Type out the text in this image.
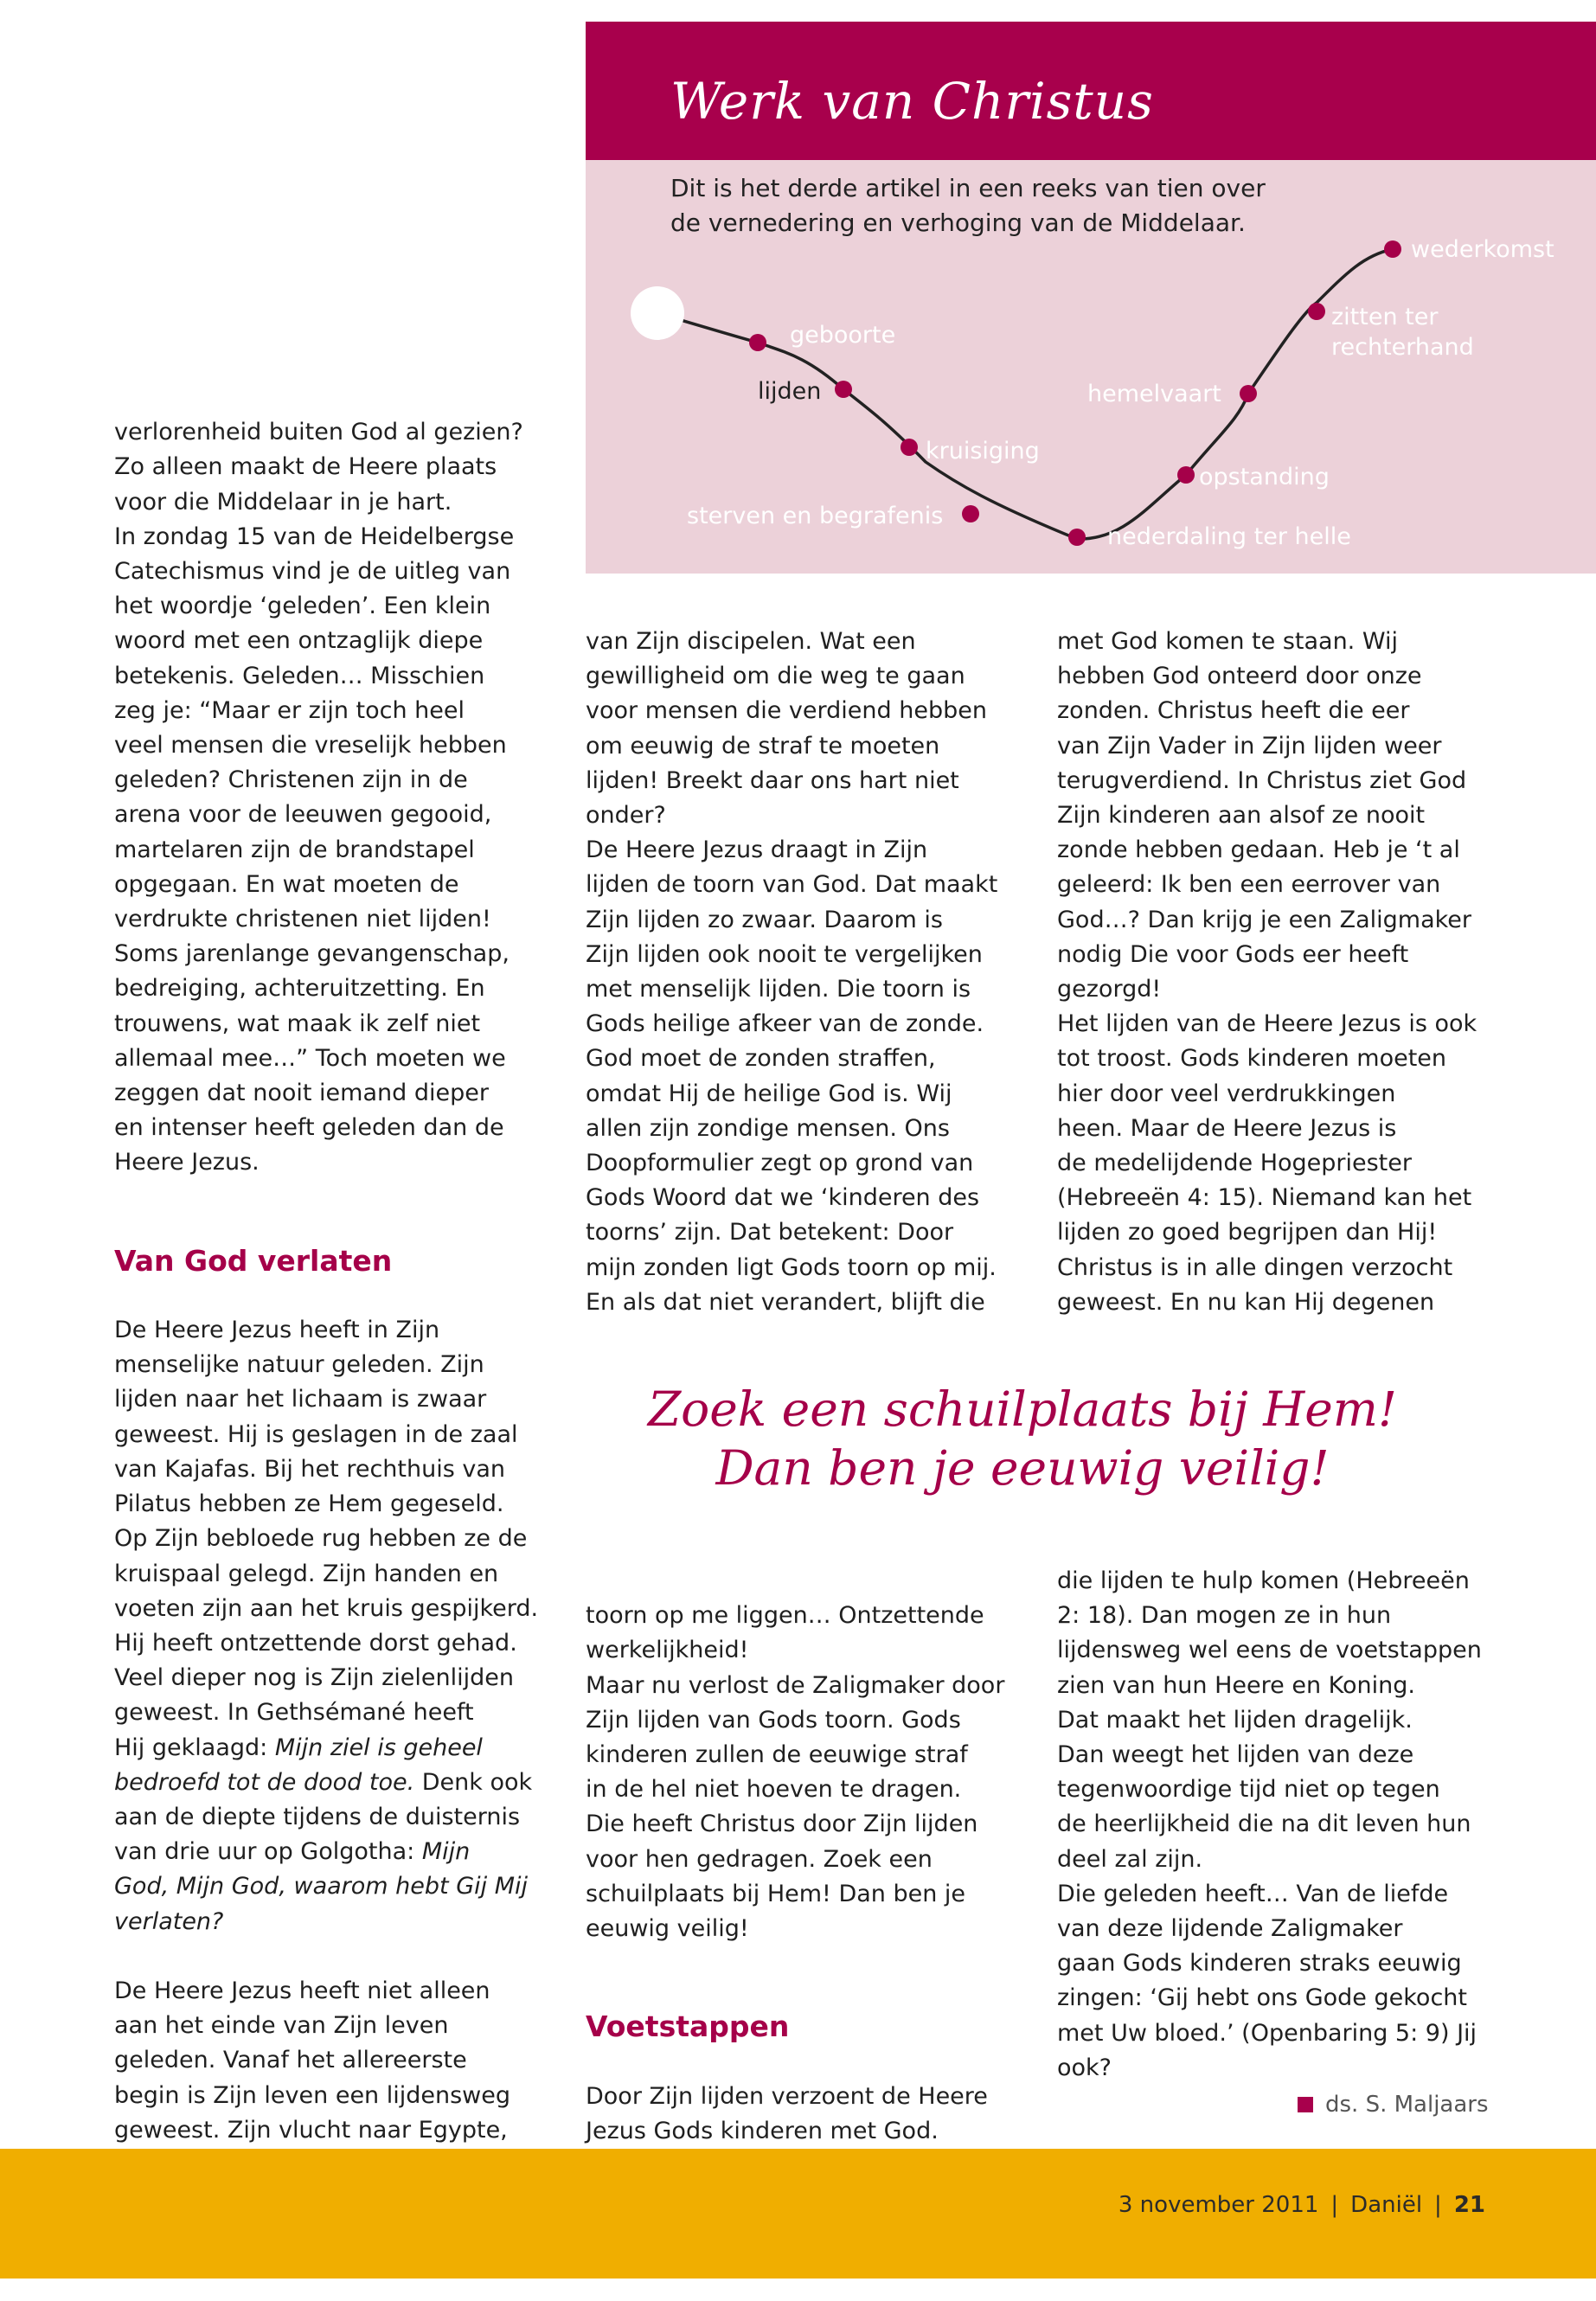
Werk van Christus
Dit is het derde artikel in een reeks van tien over
de vernedering en verhoging van de Middelaar.
geboorte
lijden
kruisiging
sterven en begrafenis
nederdaling ter helle
opstanding
hemelvaart
zitten ter
rechterhand
wederkomst

verlorenheid buiten God al gezien?
Zo alleen maakt de Heere plaats
voor die Middelaar in je hart.
In zondag 15 van de Heidelbergse
Catechismus vind je de uitleg van
het woordje ‘geleden’. Een klein
woord met een ontzaglijk diepe
betekenis. Geleden… Misschien
zeg je: “Maar er zijn toch heel
veel mensen die vreselijk hebben
geleden? Christenen zijn in de
arena voor de leeuwen gegooid,
martelaren zijn de brandstapel
opgegaan. En wat moeten de
verdrukte christenen niet lijden!
Soms jarenlange gevangenschap,
bedreiging, achteruitzetting. En
trouwens, wat maak ik zelf niet
allemaal mee…” Toch moeten we
zeggen dat nooit iemand dieper
en intenser heeft geleden dan de
Heere Jezus.

Van God verlaten

De Heere Jezus heeft in Zijn
menselijke natuur geleden. Zijn
lijden naar het lichaam is zwaar
geweest. Hij is geslagen in de zaal
van Kajafas. Bij het rechthuis van
Pilatus hebben ze Hem gegeseld.
Op Zijn bebloede rug hebben ze de
kruispaal gelegd. Zijn handen en
voeten zijn aan het kruis gespijkerd.
Hij heeft ontzettende dorst gehad.
Veel dieper nog is Zijn zielenlijden
geweest. In Gethsémané heeft
Hij geklaagd: Mijn ziel is geheel
bedroefd tot de dood toe. Denk ook
aan de diepte tijdens de duisternis
van drie uur op Golgotha: Mijn
God, Mijn God, waarom hebt Gij Mij
verlaten?

De Heere Jezus heeft niet alleen
aan het einde van Zijn leven
geleden. Vanaf het allereerste
begin is Zijn leven een lijdensweg
geweest. Zijn vlucht naar Egypte,

van Zijn discipelen. Wat een
gewilligheid om die weg te gaan
voor mensen die verdiend hebben
om eeuwig de straf te moeten
lijden! Breekt daar ons hart niet
onder?
De Heere Jezus draagt in Zijn
lijden de toorn van God. Dat maakt
Zijn lijden zo zwaar. Daarom is
Zijn lijden ook nooit te vergelijken
met menselijk lijden. Die toorn is
Gods heilige afkeer van de zonde.
God moet de zonden straffen,
omdat Hij de heilige God is. Wij
allen zijn zondige mensen. Ons
Doopformulier zegt op grond van
Gods Woord dat we ‘kinderen des
toorns’ zijn. Dat betekent: Door
mijn zonden ligt Gods toorn op mij.
En als dat niet verandert, blijft die
met God komen te staan. Wij
hebben God onteerd door onze
zonden. Christus heeft die eer
van Zijn Vader in Zijn lijden weer
terugverdiend. In Christus ziet God
Zijn kinderen aan alsof ze nooit
zonde hebben gedaan. Heb je ‘t al
geleerd: Ik ben een eerrover van
God…? Dan krijg je een Zaligmaker
nodig Die voor Gods eer heeft
gezorgd!
Het lijden van de Heere Jezus is ook
tot troost. Gods kinderen moeten
hier door veel verdrukkingen
heen. Maar de Heere Jezus is
de medelijdende Hogepriester
(Hebreeën 4: 15). Niemand kan het
lijden zo goed begrijpen dan Hij!
Christus is in alle dingen verzocht
geweest. En nu kan Hij degenen
Zoek een schuilplaats bij Hem!
Dan ben je eeuwig veilig!

toorn op me liggen… Ontzettende
werkelijkheid!
Maar nu verlost de Zaligmaker door
Zijn lijden van Gods toorn. Gods
kinderen zullen de eeuwige straf
in de hel niet hoeven te dragen.
Die heeft Christus door Zijn lijden
voor hen gedragen. Zoek een
schuilplaats bij Hem! Dan ben je
eeuwig veilig!

Voetstappen

Door Zijn lijden verzoent de Heere
Jezus Gods kinderen met God.

die lijden te hulp komen (Hebreeën
2: 18). Dan mogen ze in hun
lijdensweg wel eens de voetstappen
zien van hun Heere en Koning.
Dat maakt het lijden dragelijk.
Dan weegt het lijden van deze
tegenwoordige tijd niet op tegen
de heerlijkheid die na dit leven hun
deel zal zijn.
Die geleden heeft… Van de liefde
van deze lijdende Zaligmaker
gaan Gods kinderen straks eeuwig
zingen: ‘Gij hebt ons Gode gekocht
met Uw bloed.’ (Openbaring 5: 9) Jij
ook?
ds. S. Maljaars
3 november 2011 | Daniël | 21
